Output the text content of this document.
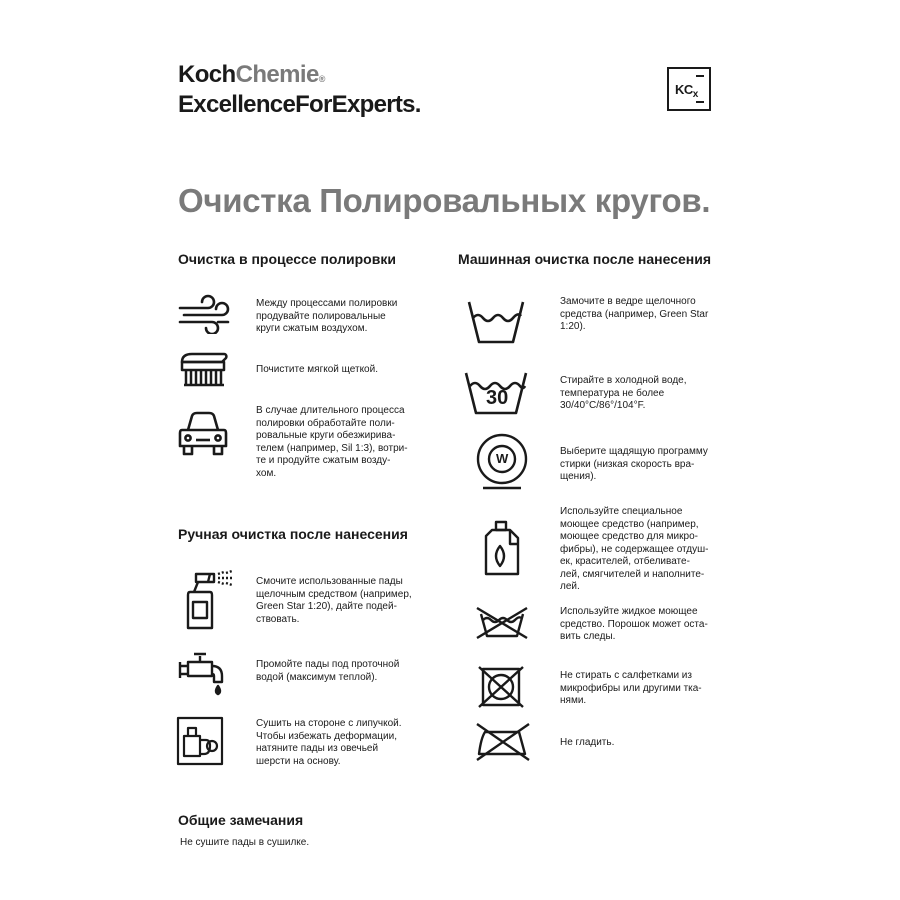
KochChemie®
ExcellenceForExperts.
$KC_x$
Очистка Полировальных кругов.
Очистка в процессе полировки
Между процессами полировки
продувайте полировальные
круги сжатым воздухом.
Почистите мягкой щеткой.
В случае длительного процесса
полировки обработайте поли-
ровальные круги обезжирива-
телем (например, Sil 1:3), вотри-
те и продуйте сжатым возду-
хом.
Ручная очистка после нанесения
Смочите использованные пады
щелочным средством (например,
Green Star 1:20), дайте подей-
ствовать.
Промойте пады под проточной
водой (максимум теплой).
Сушить на стороне с липучкой.
Чтобы избежать деформации,
натяните пады из овечьей
шерсти на основу.
Машинная очистка после нанесения
Замочите в ведре щелочного
средства (например, Green Star
1:20).
30
Стирайте в холодной воде,
температура не более
30/40°C/86°/104°F.
W	Выберите щадящую программу
стирки (низкая скорость вра-
щения).
Используйте специальное
моющее средство (например,
моющее средство для микро-
фибры), не содержащее отдуш-
ек, красителей, отбеливате-
лей, смягчителей и наполните-
лей.
Используйте жидкое моющее
средство. Порошок может оста-
вить следы.
Не стирать с салфетками из
микрофибры или другими тка-
нями.
Не гладить.
Общие замечания
Не сушите пады в сушилке.
